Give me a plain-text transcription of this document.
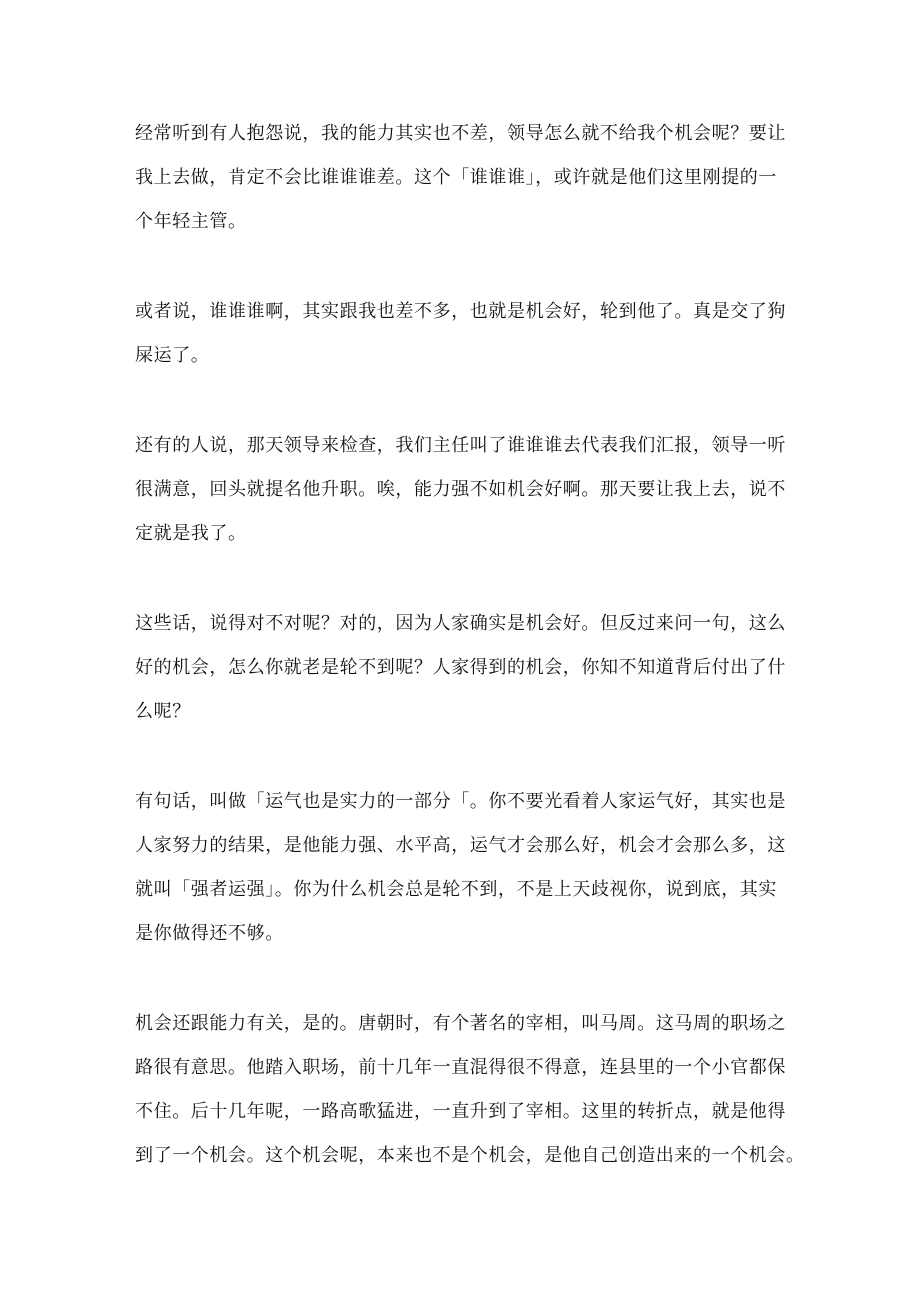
经常听到有人抱怨说，我的能力其实也不差，领导怎么就不给我个机会呢？要让
我上去做，肯定不会比谁谁谁差。这个「谁谁谁」，或许就是他们这里刚提的一
个年轻主管。

或者说，谁谁谁啊，其实跟我也差不多，也就是机会好，轮到他了。真是交了狗
屎运了。

还有的人说，那天领导来检查，我们主任叫了谁谁谁去代表我们汇报，领导一听
很满意，回头就提名他升职。唉，能力强不如机会好啊。那天要让我上去，说不
定就是我了。

这些话，说得对不对呢？对的，因为人家确实是机会好。但反过来问一句，这么
好的机会，怎么你就老是轮不到呢？人家得到的机会，你知不知道背后付出了什
么呢？

有句话，叫做「运气也是实力的一部分「。你不要光看着人家运气好，其实也是
人家努力的结果，是他能力强、水平高，运气才会那么好，机会才会那么多，这
就叫「强者运强」。你为什么机会总是轮不到，不是上天歧视你，说到底，其实
是你做得还不够。

机会还跟能力有关，是的。唐朝时，有个著名的宰相，叫马周。这马周的职场之
路很有意思。他踏入职场，前十几年一直混得很不得意，连县里的一个小官都保
不住。后十几年呢，一路高歌猛进，一直升到了宰相。这里的转折点，就是他得
到了一个机会。这个机会呢，本来也不是个机会，是他自己创造出来的一个机会。
